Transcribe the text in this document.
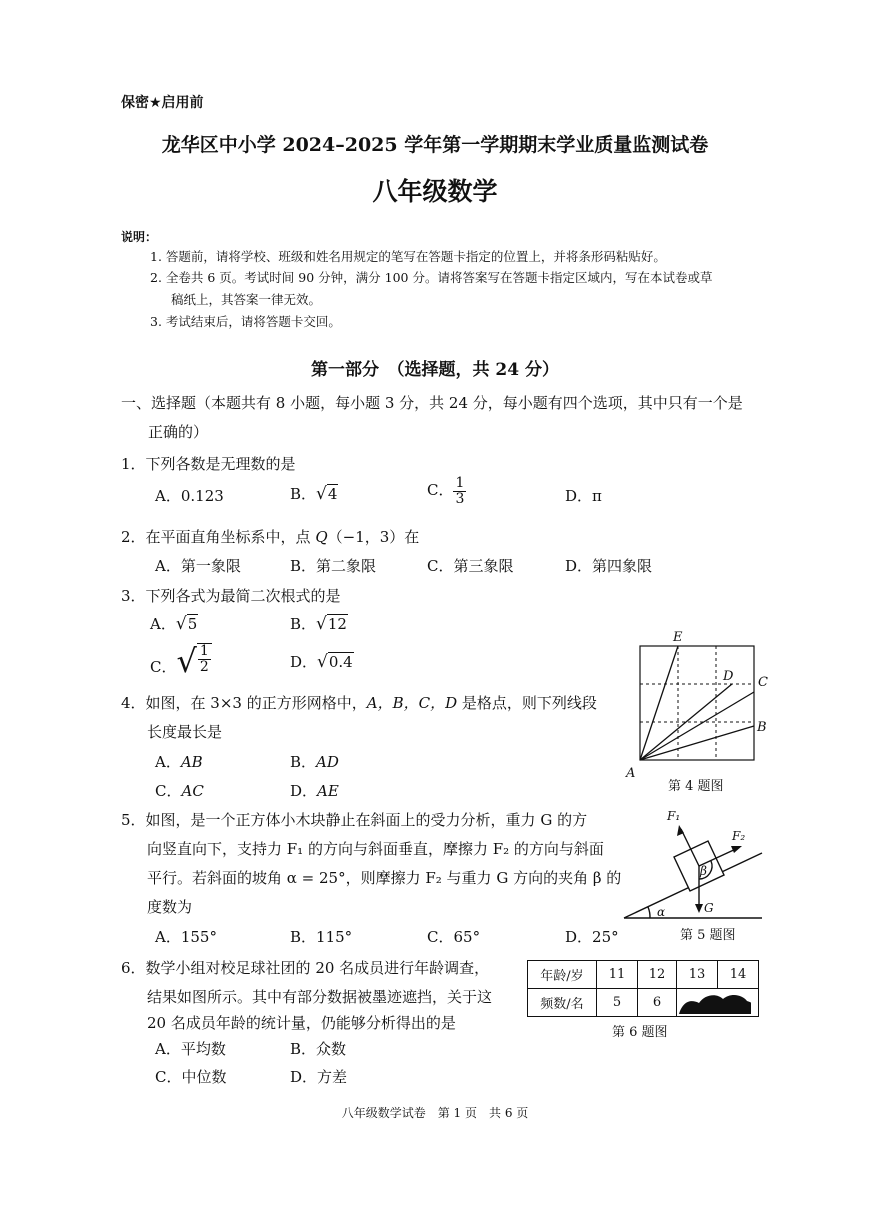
保密★启用前
龙华区中小学 2024–2025 学年第一学期期末学业质量监测试卷
八年级数学
说明：
1. 答题前，请将学校、班级和姓名用规定的笔写在答题卡指定的位置上，并将条形码粘贴好。
2. 全卷共 6 页。考试时间 90 分钟，满分 100 分。请将答案写在答题卡指定区域内，写在本试卷或草
稿纸上，其答案一律无效。
3. 考试结束后，请将答题卡交回。
第一部分　（选择题，共 24 分）
一、选择题（本题共有 8 小题，每小题 3 分，共 24 分，每小题有四个选项，其中只有一个是
正确的）
1．下列各数是无理数的是
A．0.123	B． √ 4	C． $\frac{1}{3}$	D．π
2．在平面直角坐标系中，点 Q（−1，3）在
A．第一象限	B．第二象限	C．第三象限	D．第四象限
3．下列各式为最简二次根式的是
A． √ 5	B． √ 12
C． √ $\frac{1}{2}$	D． √ 0.4
4．如图，在 3×3 的正方形网格中，A，B，C，D 是格点，则下列线段
长度最长是
A．AB	B．AD
C．AC	D．AE
E
D C
B
A
第 4 题图
5．如图，是一个正方体小木块静止在斜面上的受力分析，重力 G 的方
向竖直向下，支持力 F₁ 的方向与斜面垂直，摩擦力 F₂ 的方向与斜面
平行。若斜面的坡角 α = 25°，则摩擦力 F₂ 与重力 G 方向的夹角 β 的
度数为
A．155°	B．115°	C．65°	D．25°
F₁
F₂
β
α	G
第 5 题图
6．数学小组对校足球社团的 20 名成员进行年龄调查，
结果如图所示。其中有部分数据被墨迹遮挡，关于这
20 名成员年龄的统计量，仍能够分析得出的是
A．平均数	B．众数
C．中位数	D．方差
年龄/岁	11	12	13	14
频数/名	5	6	
第 6 题图
八年级数学试卷　第 1 页　共 6 页
